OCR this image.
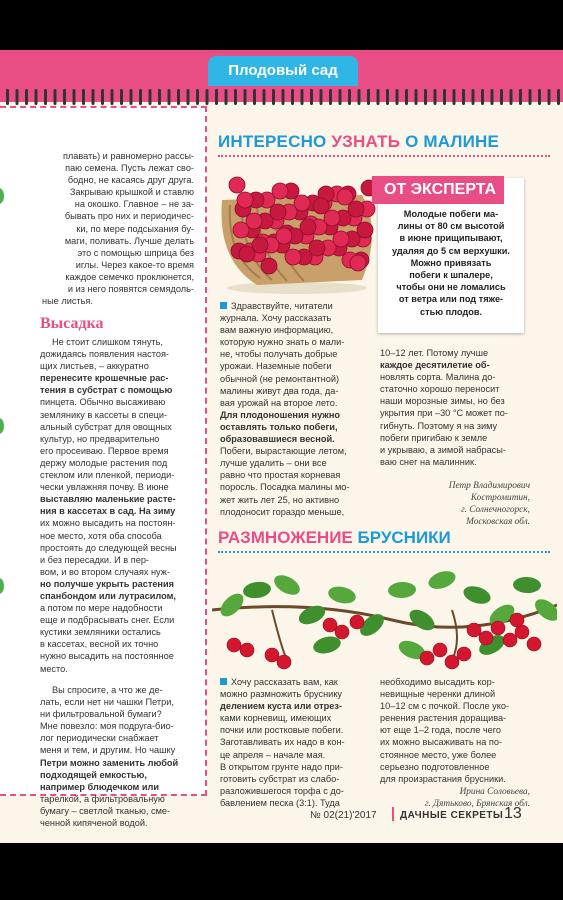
Плодовый сад
плавать) и равномерно рассы-
паю семена. Пусть лежат сво-
бодно, не касаясь друг друга.
Закрываю крышкой и ставлю
на окошко. Главное – не за-
бывать про них и периодичес-
ки, по мере подсыхания бу-
маги, поливать. Лучше делать
это с помощью шприца без
иглы. Через какое-то время
каждое семечко проклюнется,
и из него появятся семядоль-
ные листья.
Высадка
Не стоит слишком тянуть,
дожидаясь появления настоя-
щих листьев, – аккуратно
перенесите крошечные рас-
тения в субстрат с помощью
пинцета. Обычно высаживаю
землянику в кассеты в специ-
альный субстрат для овощных
культур, но предварительно
его просеиваю. Первое время
держу молодые растения под
стеклом или пленкой, периоди-
чески увлажняя почву. В июне
выставляю маленькие расте-
ния в кассетах в сад. На зиму
их можно высадить на постоян-
ное место, хотя оба способа
простоять до следующей весны
и без пересадки. И в пер-
вом, и во втором случаях нуж-
но получше укрыть растения
спанбондом или лутрасилом,
а потом по мере надобности
еще и подбрасывать снег. Если
кустики земляники остались
в кассетах, весной их точно
нужно высадить на постоянное
место.
Вы спросите, а что же де-
лать, если нет ни чашки Петри,
ни фильтровальной бумаги?
Мне повезло: моя подруга-био-
лог периодически снабжает
меня и тем, и другим. Но чашку
Петри можно заменить любой
подходящей емкостью,
например блюдечком или
тарелкой, а фильтровальную
бумагу – светлой тканью, сме-
ченной кипяченой водой.
ИНТЕРЕСНО УЗНАТЬ О МАЛИНЕ
ОТ ЭКСПЕРТА
Молодые побеги ма-
лины от 80 см высотой
в июне прищипывают,
удаляя до 5 см верхушки.
Можно привязать
побеги к шпалере,
чтобы они не ломались
от ветра или под тяже-
стью плодов.
Здравствуйте, читатели
журнала. Хочу рассказать
вам важную информацию,
которую нужно знать о мали-
не, чтобы получать добрые
урожаи. Наземные побеги
обычной (не ремонтантной)
малины живут два года, да-
вая урожай на второе лето.
Для плодоношения нужно
оставлять только побеги,
образовавшиеся весной.
Побеги, вырастающие летом,
лучше удалить – они все
равно что простая корневая
поросль. Посадка малины мо-
жет жить лет 25, но активно
плодоносит гораздо меньше,
10–12 лет. Потому лучше
каждое десятилетие об-
новлять сорта. Малина до-
статочно хорошо переносит
наши морозные зимы, но без
укрытия при –30 °С может по-
гибнуть. Поэтому я на зиму
побеги пригибаю к земле
и укрываю, а зимой набрасы-
ваю снег на малинник.
Петр Владимирович
Костромитин,
г. Солнечногорск,
Московская обл.
РАЗМНОЖЕНИЕ БРУСНИКИ
Хочу рассказать вам, как
можно размножить бруснику
делением куста или отрез-
ками корневищ, имеющих
почки или ростковые побеги.
Заготавливать их надо в кон-
це апреля – начале мая.
В открытом грунте надо при-
готовить субстрат из слабо-
разложившегося торфа с до-
бавлением песка (3:1). Туда
необходимо высадить кор-
невищные черенки длиной
10–12 см с почкой. После уко-
ренения растения доращива-
ют еще 1–2 года, после чего
их можно высаживать на по-
стоянное место, уже более
серьезно подготовленное
для произрастания брусники.
Ирина Соловьева,
г. Дятьково, Брянская обл.
№ 02(21)'2017 ДАЧНЫЕ СЕКРЕТЫ 13
